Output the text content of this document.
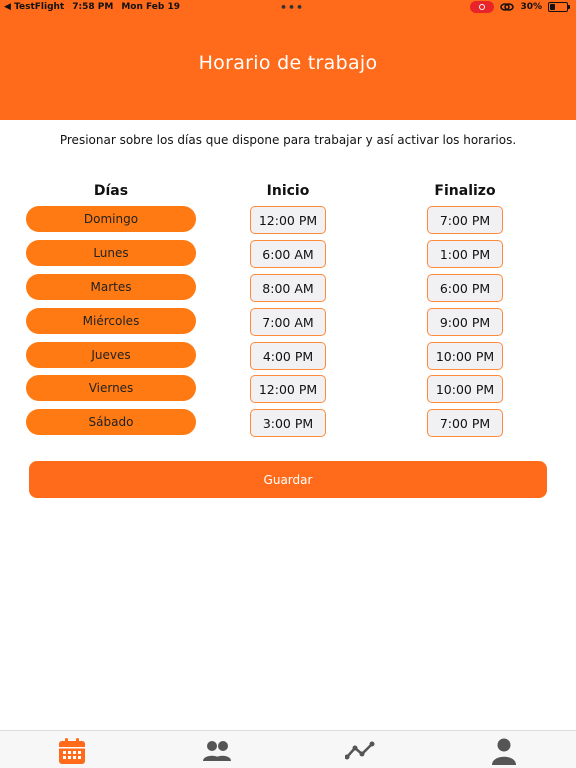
◀ TestFlight 7:58 PM Mon Feb 19	•••	30%
Horario de trabajo
Presionar sobre los días que dispone para trabajar y así activar los horarios.
Días	Inicio	Finalizo
Domingo	12:00 PM	7:00 PM
Lunes	6:00 AM	1:00 PM
Martes	8:00 AM	6:00 PM
Miércoles	7:00 AM	9:00 PM
Jueves	4:00 PM	10:00 PM
Viernes	12:00 PM	10:00 PM
Sábado	3:00 PM	7:00 PM
Guardar
